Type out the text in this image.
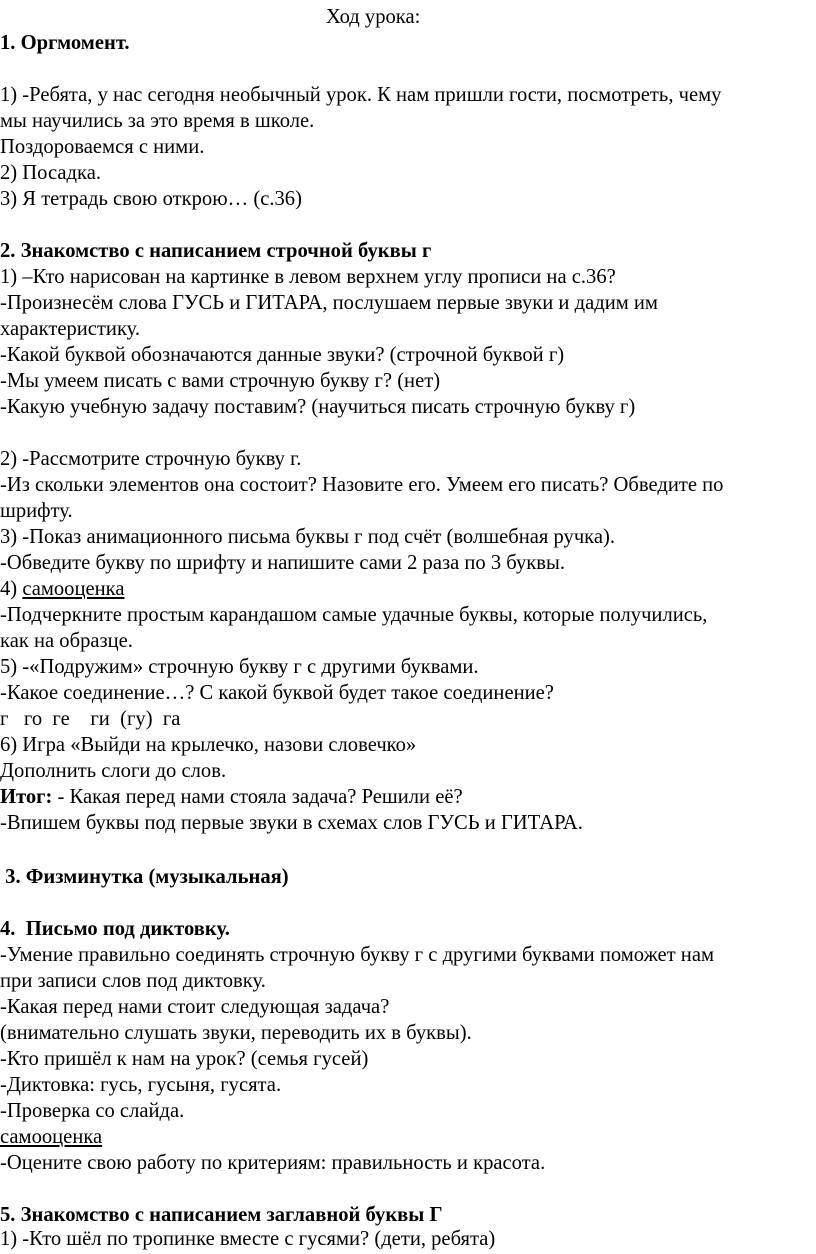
Ход урока:

1. Оргмомент.

1) -Ребята, у нас сегодня необычный урок. К нам пришли гости, посмотреть, чему

мы научились за это время в школе.

Поздороваемся с ними.

2) Посадка.

3) Я тетрадь свою открою… (с.36)

2. Знакомство с написанием строчной буквы г

1) –Кто нарисован на картинке в левом верхнем углу прописи на с.36?

-Произнесём слова ГУСЬ и ГИТАРА, послушаем первые звуки и дадим им

характеристику.

-Какой буквой обозначаются данные звуки? (строчной буквой г)

-Мы умеем писать с вами строчную букву г? (нет)

-Какую учебную задачу поставим? (научиться писать строчную букву г)

2) -Рассмотрите строчную букву г.

-Из скольки элементов она состоит? Назовите его. Умеем его писать? Обведите по

шрифту.

3) -Показ анимационного письма буквы г под счёт (волшебная ручка).

-Обведите букву по шрифту и напишите сами 2 раза по 3 буквы.

4) самооценка

-Подчеркните простым карандашом самые удачные буквы, которые получились,

как на образце.

5) -«Подружим» строчную букву г с другими буквами.

-Какое соединение…? С какой буквой будет такое соединение?

г   го  ге    ги  (гу)  га

6) Игра «Выйди на крылечко, назови словечко»

Дополнить слоги до слов.

Итог: - Какая перед нами стояла задача? Решили её?

-Впишем буквы под первые звуки в схемах слов ГУСЬ и ГИТАРА.

3. Физминутка (музыкальная)

4.  Письмо под диктовку.

-Умение правильно соединять строчную букву г с другими буквами поможет нам

при записи слов под диктовку.

-Какая перед нами стоит следующая задача?

(внимательно слушать звуки, переводить их в буквы).

-Кто пришёл к нам на урок? (семья гусей)

-Диктовка: гусь, гусыня, гусята.

-Проверка со слайда.

самооценка

-Оцените свою работу по критериям: правильность и красота.

5. Знакомство с написанием заглавной буквы Г

1) -Кто шёл по тропинке вместе с гусями? (дети, ребята)
